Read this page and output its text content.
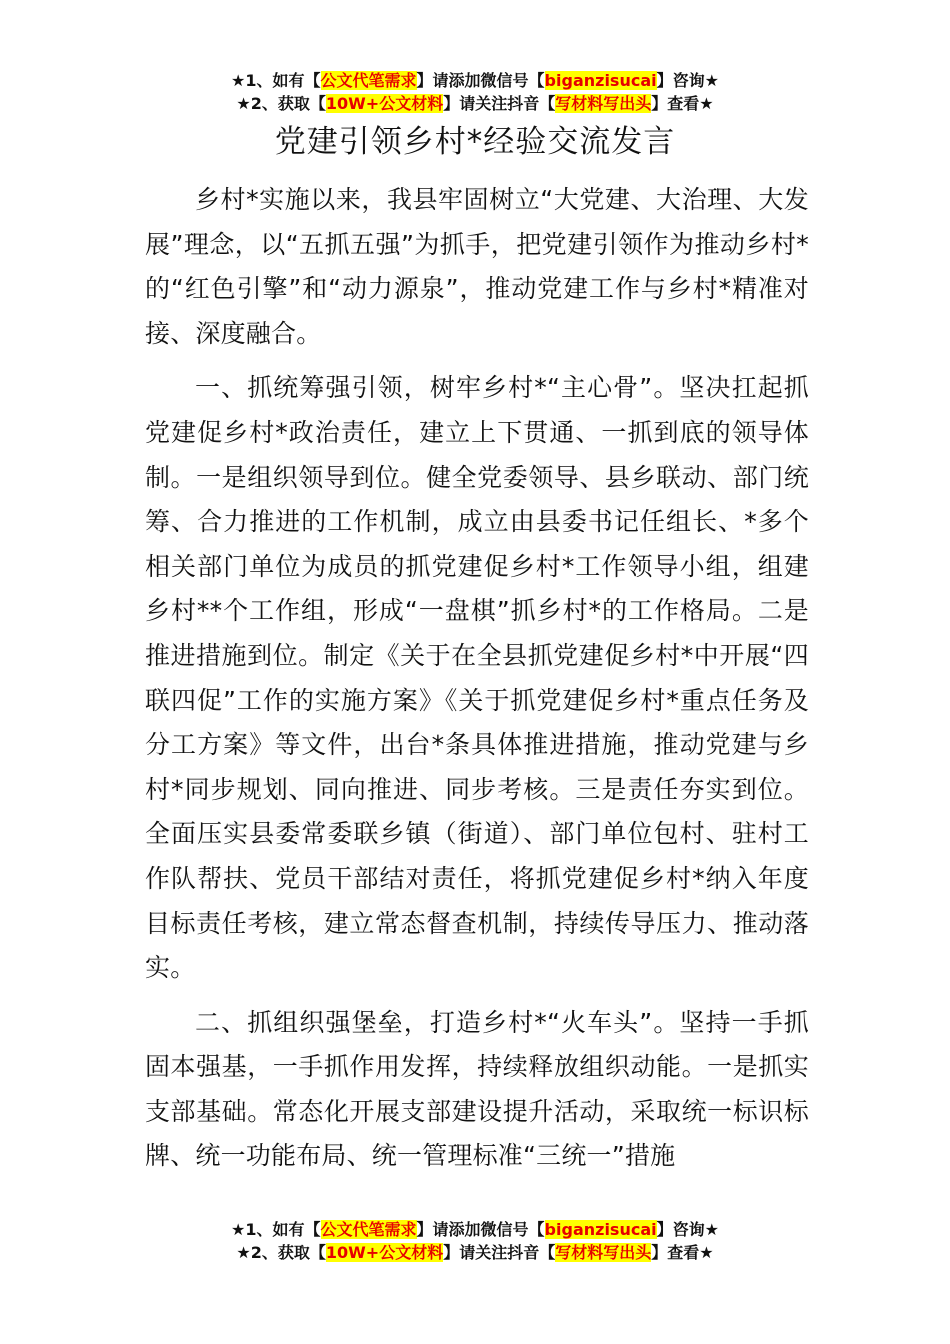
★1、如有【公文代笔需求】请添加微信号【biganzisucai】咨询★
★2、获取【10W+公文材料】请关注抖音【写材料写出头】查看★
党建引领乡村*经验交流发言

乡村*实施以来，我县牢固树立“大党建、大治理、大发展”理念，以“五抓五强”为抓手，把党建引领作为推动乡村*的“红色引擎”和“动力源泉”，推动党建工作与乡村*精准对接、深度融合。

一、抓统筹强引领，树牢乡村*“主心骨”。坚决扛起抓党建促乡村*政治责任，建立上下贯通、一抓到底的领导体制。一是组织领导到位。健全党委领导、县乡联动、部门统筹、合力推进的工作机制，成立由县委书记任组长、*多个相关部门单位为成员的抓党建促乡村*工作领导小组，组建乡村**个工作组，形成“一盘棋”抓乡村*的工作格局。二是推进措施到位。制定《关于在全县抓党建促乡村*中开展“四联四促”工作的实施方案》《关于抓党建促乡村*重点任务及分工方案》等文件，出台*条具体推进措施，推动党建与乡村*同步规划、同向推进、同步考核。三是责任夯实到位。全面压实县委常委联乡镇（街道）、部门单位包村、驻村工作队帮扶、党员干部结对责任，将抓党建促乡村*纳入年度目标责任考核，建立常态督查机制，持续传导压力、推动落实。

二、抓组织强堡垒，打造乡村*“火车头”。坚持一手抓固本强基，一手抓作用发挥，持续释放组织动能。一是抓实支部基础。常态化开展支部建设提升活动，采取统一标识标牌、统一功能布局、统一管理标准“三统一”措施

★1、如有【公文代笔需求】请添加微信号【biganzisucai】咨询★
★2、获取【10W+公文材料】请关注抖音【写材料写出头】查看★
